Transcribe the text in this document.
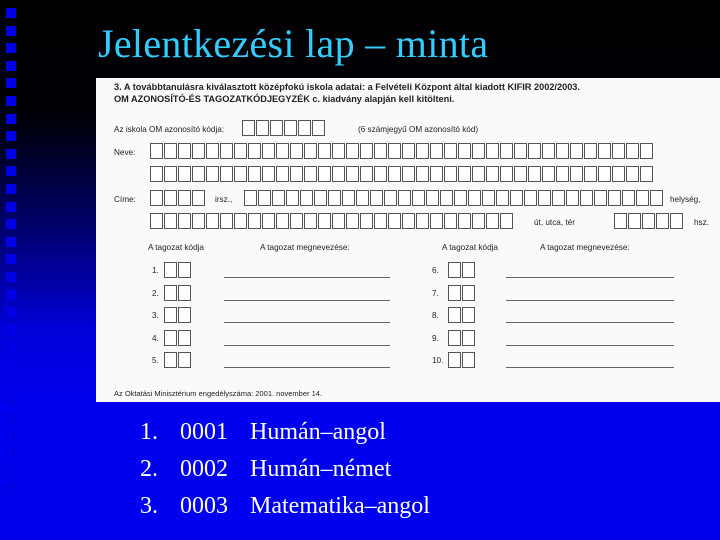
Jelentkezési lap – minta
3. A továbbtanulásra kiválasztott középfokú iskola adatai: a Felvételi Központ által kiadott KIFIR 2002/2003.
OM AZONOSÍTÓ-ÉS TAGOZATKÓDJEGYZÉK c. kiadvány alapján kell kitölteni.
Az iskola OM azonosító kódja:	(6 számjegyű OM azonosító kód)
Neve:
Címe:	irsz.,	helység,
út, utca, tér	hsz.
A tagozat kódja	A tagozat megnevezése:	A tagozat kódja	A tagozat megnevezése:
1.
2.
3.
4.
5.
6.
7.
8.
9.
10.
Az Oktatási Minisztérium engedélyszáma: 2001. november 14.
1. 0001 Humán–angol
2. 0002 Humán–német
3. 0003 Matematika–angol
